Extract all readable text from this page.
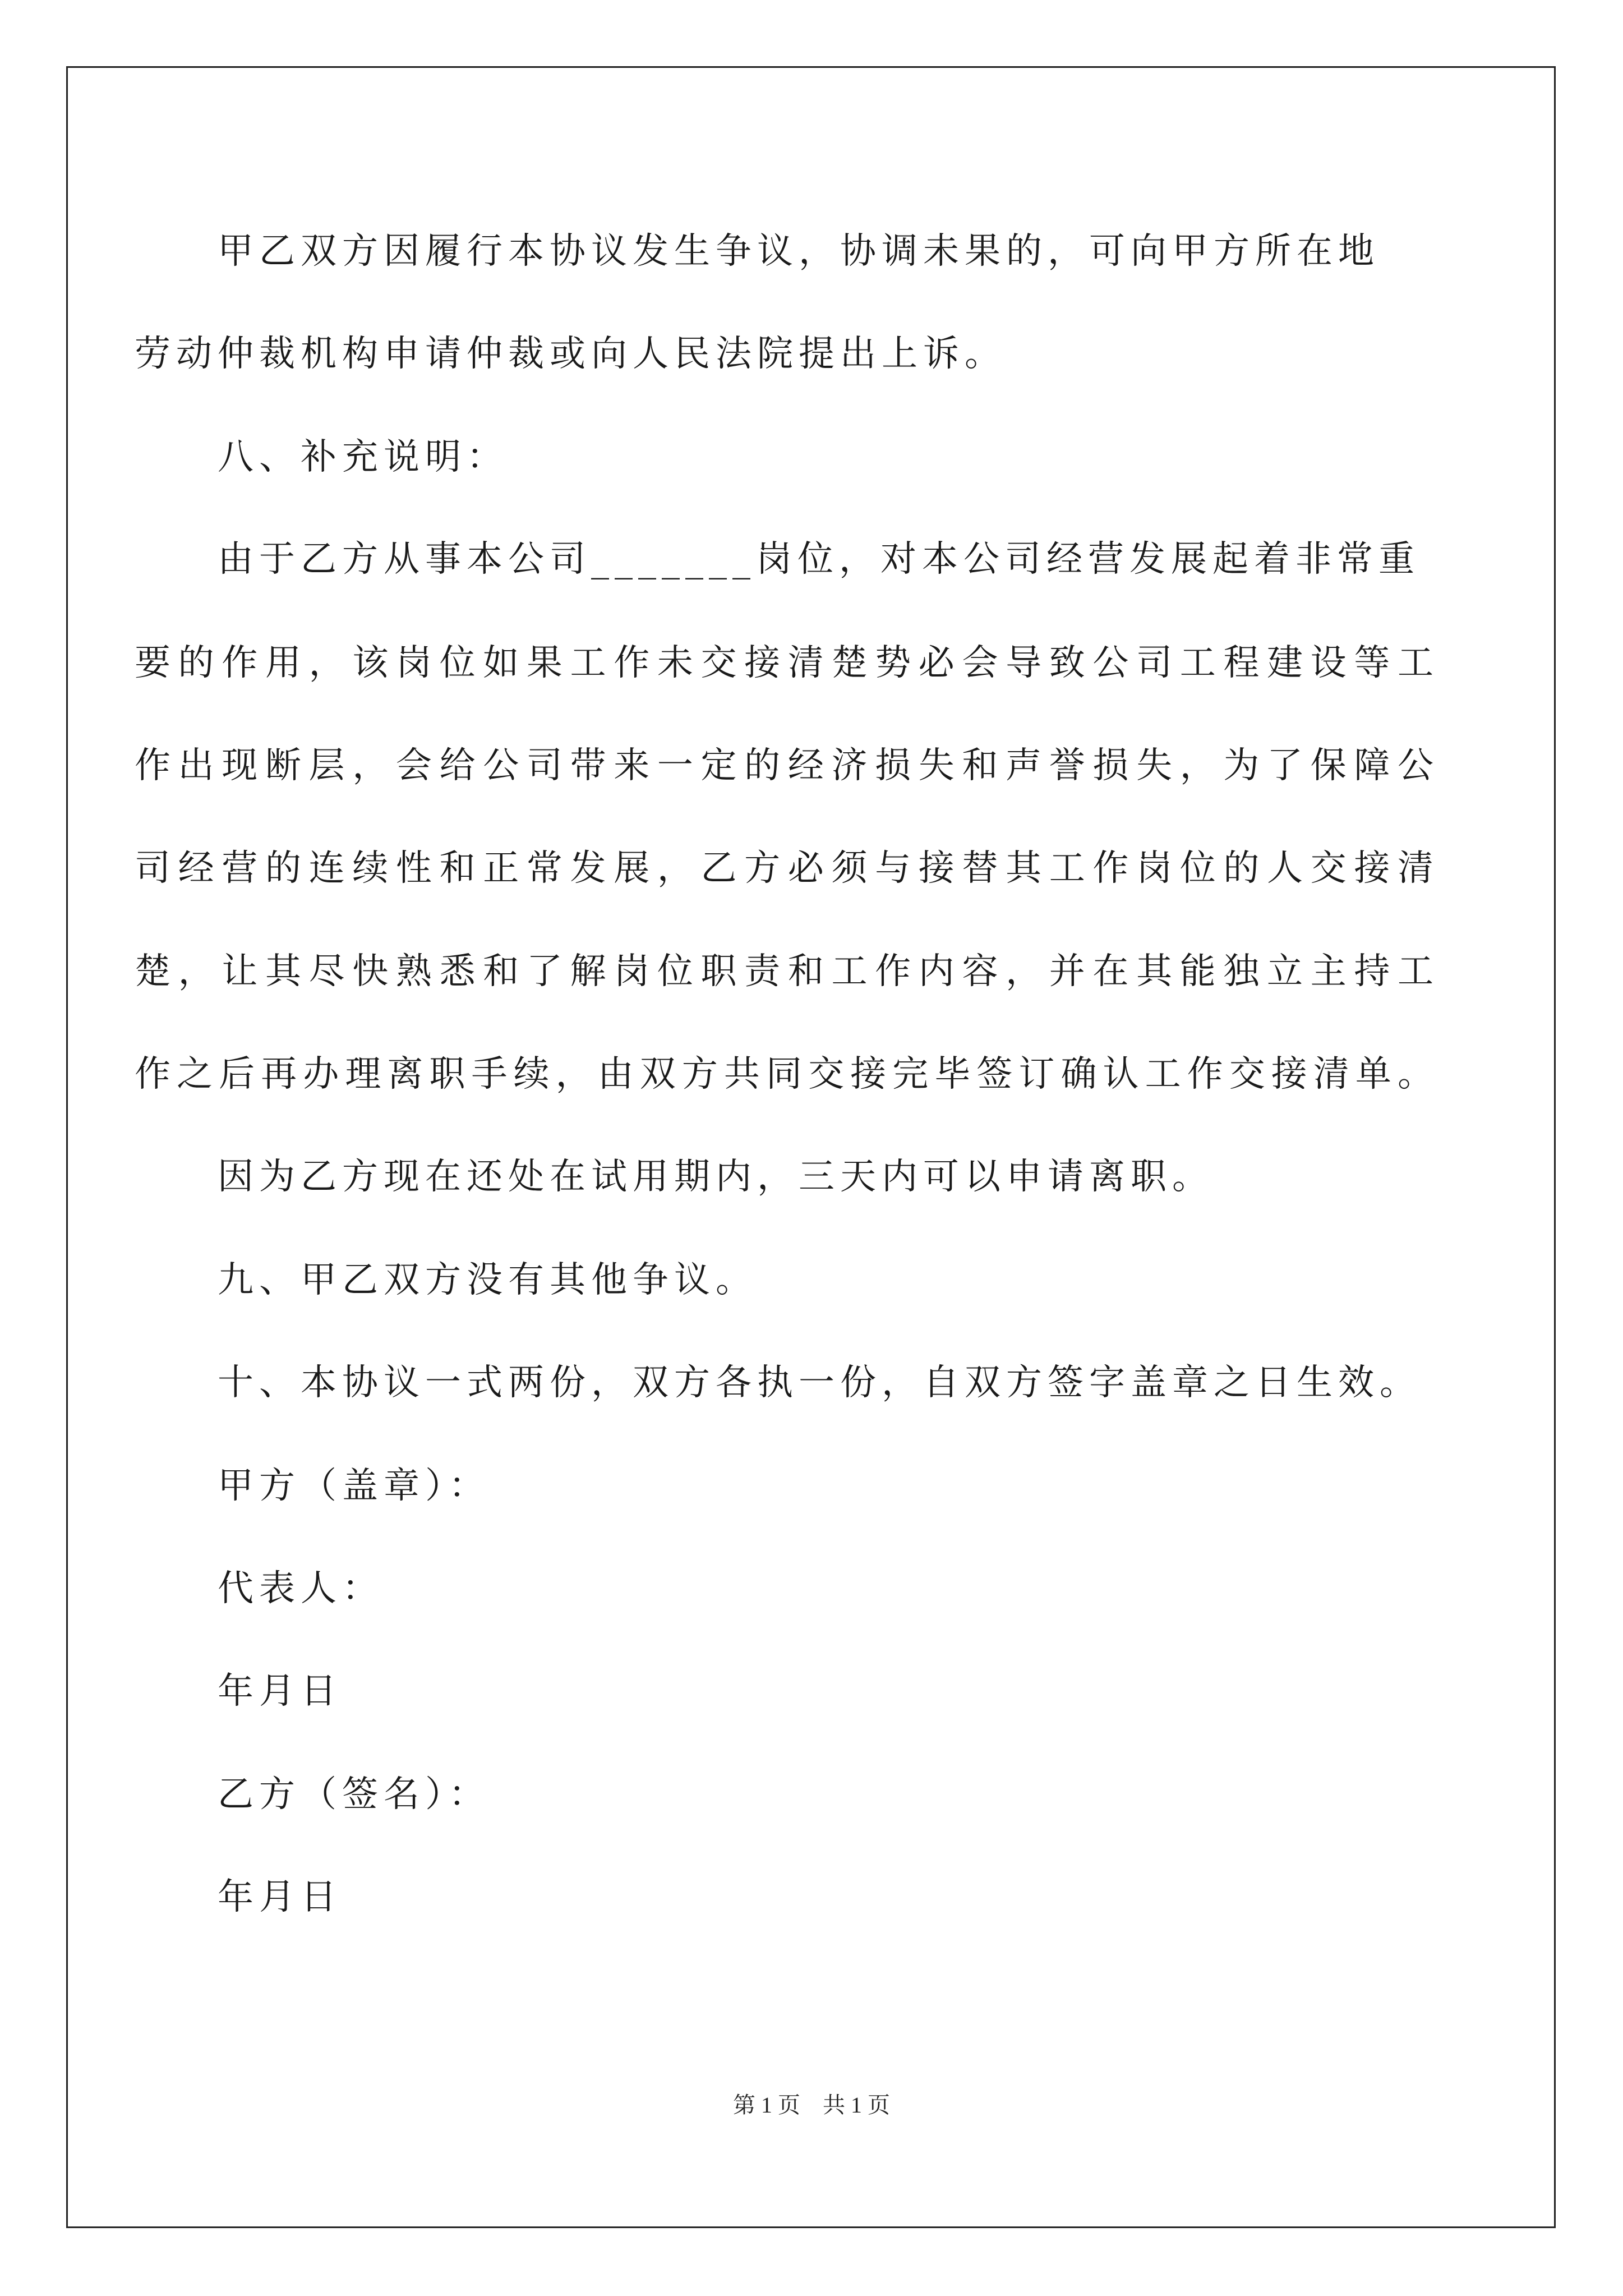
甲乙双方因履行本协议发生争议，协调未果的，可向甲方所在地
劳动仲裁机构申请仲裁或向人民法院提出上诉。
八、补充说明：
由于乙方从事本公司_______岗位，对本公司经营发展起着非常重
要的作用，该岗位如果工作未交接清楚势必会导致公司工程建设等工
作出现断层，会给公司带来一定的经济损失和声誉损失，为了保障公
司经营的连续性和正常发展，乙方必须与接替其工作岗位的人交接清
楚，让其尽快熟悉和了解岗位职责和工作内容，并在其能独立主持工
作之后再办理离职手续，由双方共同交接完毕签订确认工作交接清单。
因为乙方现在还处在试用期内，三天内可以申请离职。
九、甲乙双方没有其他争议。
十、本协议一式两份，双方各执一份，自双方签字盖章之日生效。
甲方（盖章）：
代表人：
年月日
乙方（签名）：
年月日
第 1 页    共 1 页
